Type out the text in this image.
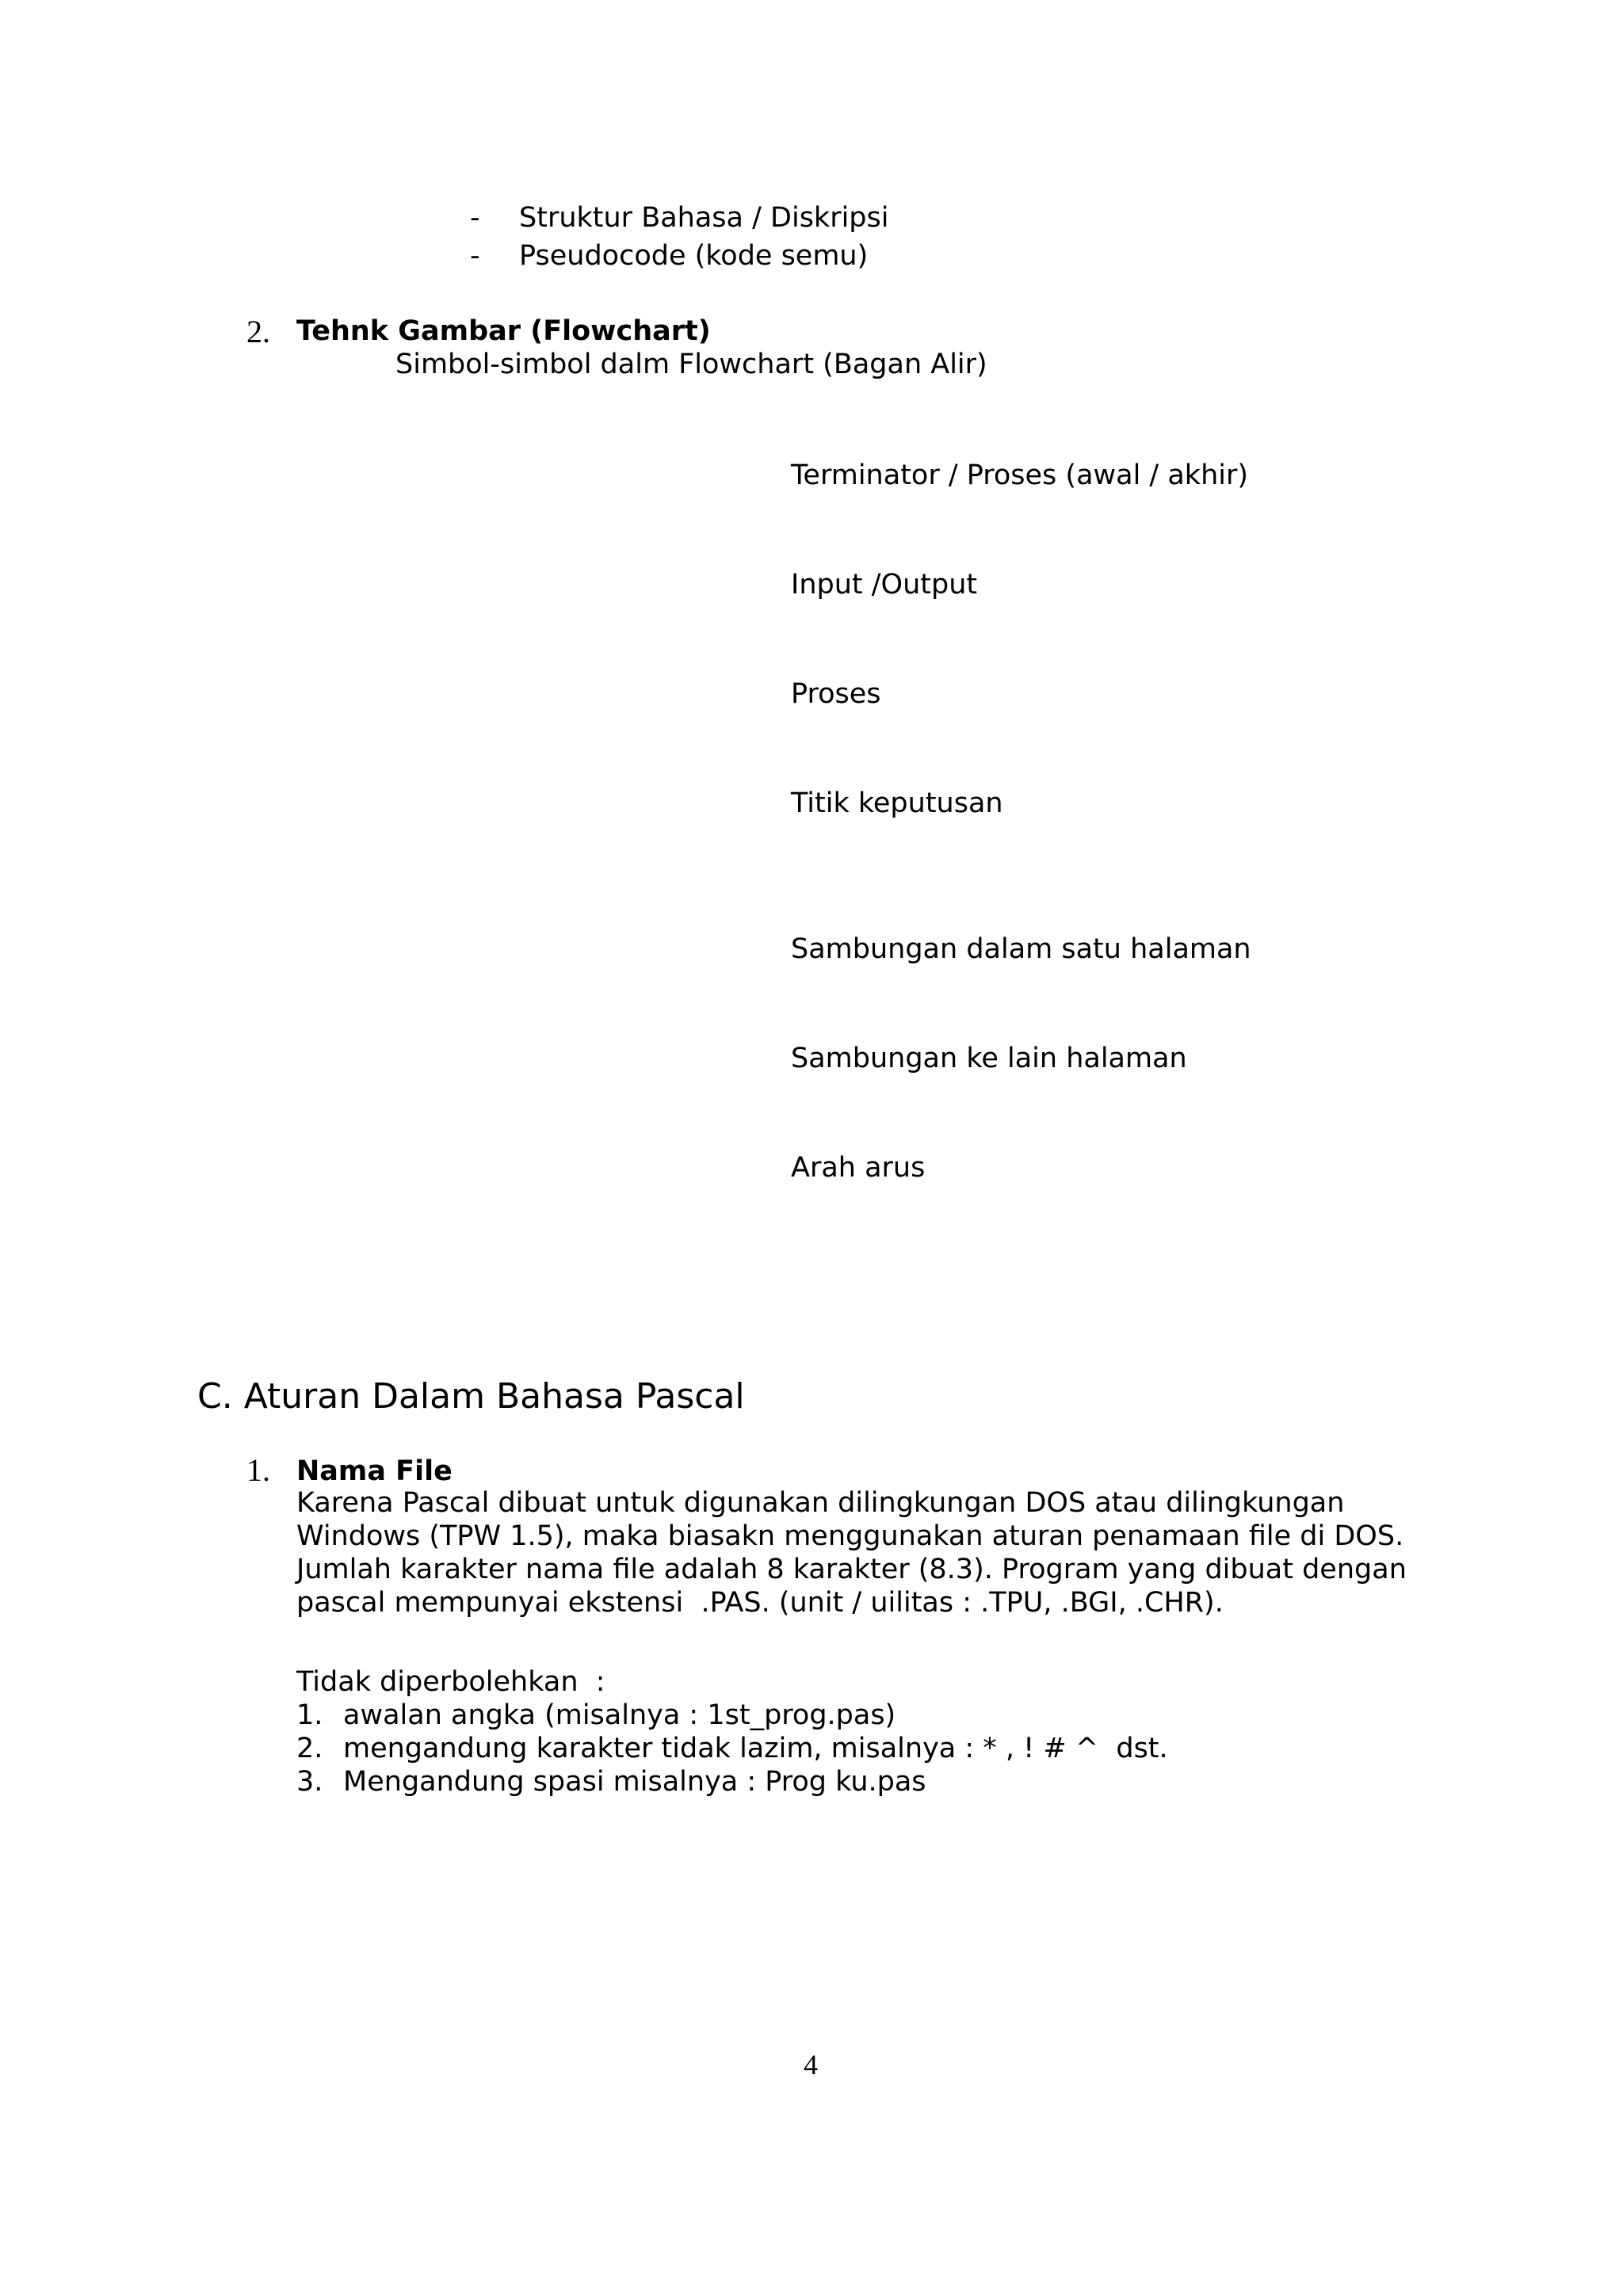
- Struktur Bahasa / Diskripsi
- Pseudocode (kode semu)
2. Tehnk Gambar (Flowchart)
Simbol-simbol dalm Flowchart (Bagan Alir)
Terminator / Proses (awal / akhir)
Input /Output
Proses
Titik keputusan
Sambungan dalam satu halaman
Sambungan ke lain halaman
Arah arus
C. Aturan Dalam Bahasa Pascal
1. Nama File
Karena Pascal dibuat untuk digunakan dilingkungan DOS atau dilingkungan
Windows (TPW 1.5), maka biasakn menggunakan aturan penamaan file di DOS.
Jumlah karakter nama file adalah 8 karakter (8.3). Program yang dibuat dengan
pascal mempunyai ekstensi  .PAS. (unit / uilitas : .TPU, .BGI, .CHR).
Tidak diperbolehkan  :
1. awalan angka (misalnya : 1st_prog.pas)
2. mengandung karakter tidak lazim, misalnya : * , ! # ^  dst.
3. Mengandung spasi misalnya : Prog ku.pas
4
